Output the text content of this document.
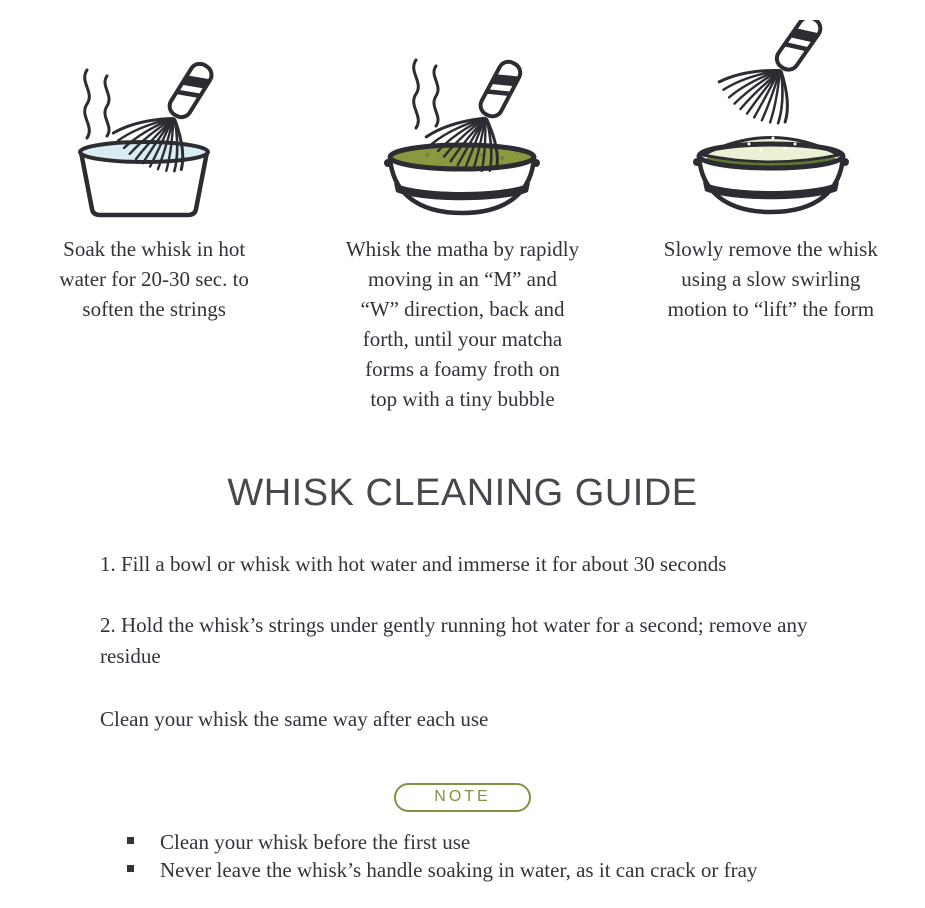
Soak the whisk in hot
water for 20-30 sec. to
soften the strings
Whisk the matha by rapidly
moving in an “M” and
“W” direction, back and
forth, until your matcha
forms a foamy froth on
top with a tiny bubble
Slowly remove the whisk
using a slow swirling
motion to “lift” the form
WHISK CLEANING GUIDE

1. Fill a bowl or whisk with hot water and immerse it for about 30 seconds

2. Hold the whisk’s strings under gently running hot water for a second; remove any residue

Clean your whisk the same way after each use

NOTE
Clean your whisk before the first use
Never leave the whisk’s handle soaking in water, as it can crack or fray
